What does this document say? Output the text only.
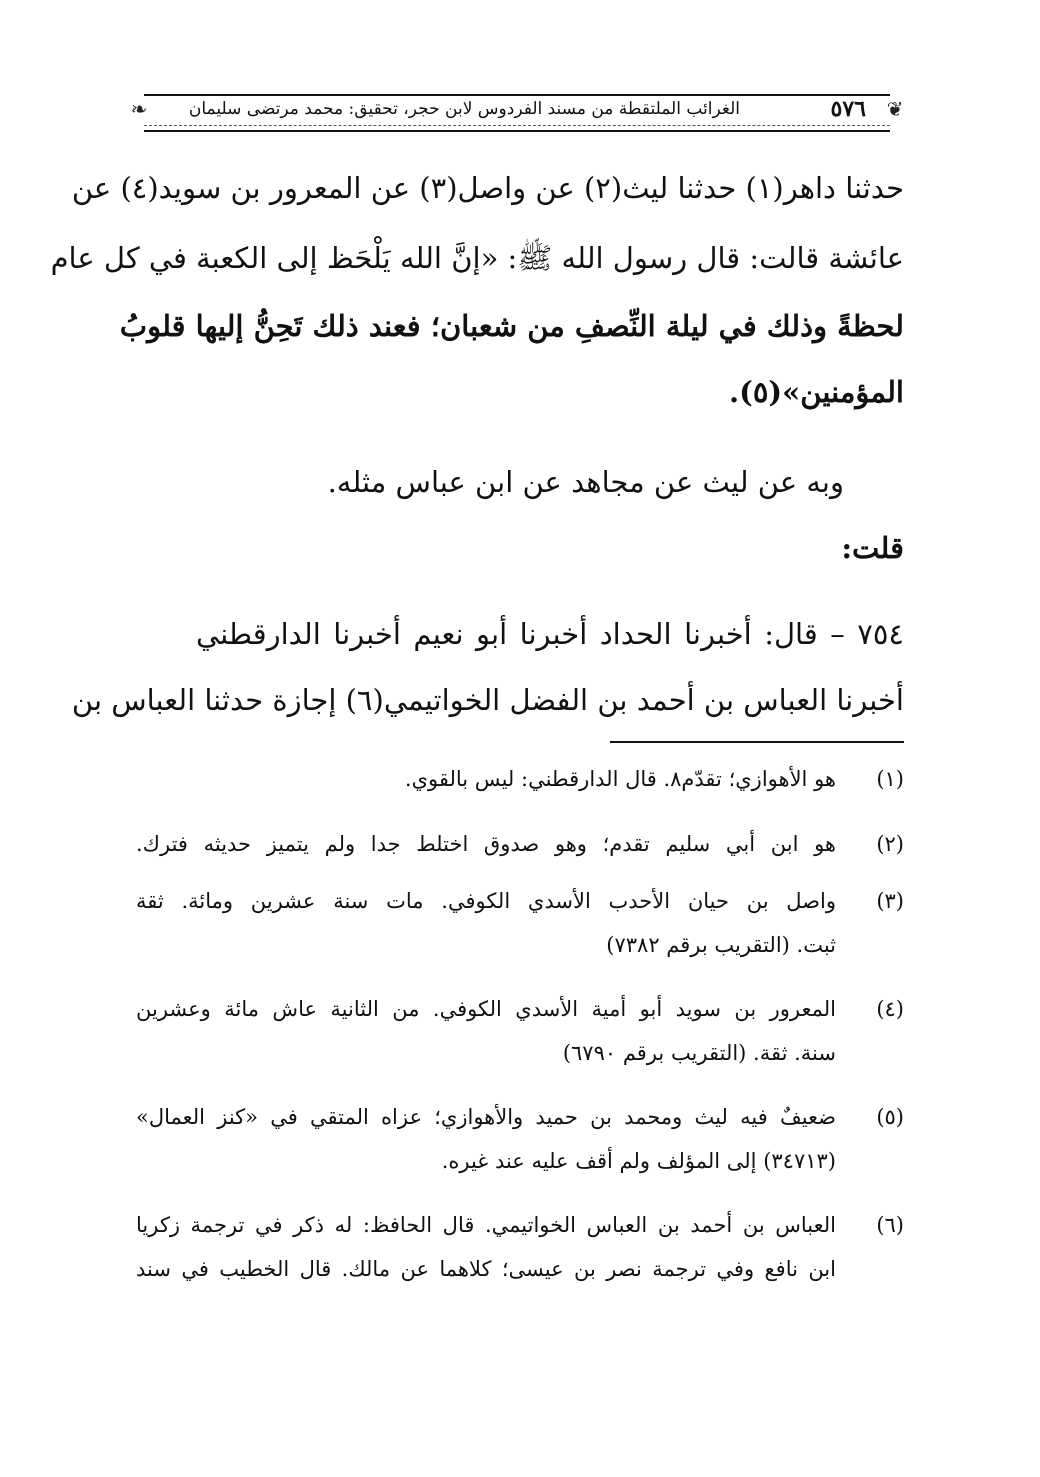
❦
❧	٥٧٦
الغرائب الملتقطة من مسند الفردوس لابن حجر، تحقيق: محمد مرتضى سليمان
حدثنا داهر(١) حدثنا ليث(٢) عن واصل(٣) عن المعرور بن سويد(٤) عن
عائشة قالت: قال رسول الله ﷺ: «إنَّ الله يَلْحَظ إلى الكعبة في كل عام
لحظةً وذلك في ليلة النِّصفِ من شعبان؛ فعند ذلك تَحِنُّ إليها قلوبُ
المؤمنين»(٥).
وبه عن ليث عن مجاهد عن ابن عباس مثله.
قلت:
٧٥٤ – قال: أخبرنا الحداد أخبرنا أبو نعيم أخبرنا الدارقطني
أخبرنا العباس بن أحمد بن الفضل الخواتيمي(٦) إجازة حدثنا العباس بن
(١)
هو الأهوازي؛ تقدّم٨. قال الدارقطني: ليس بالقوي.
(٢)
هو ابن أبي سليم تقدم؛ وهو صدوق اختلط جدا ولم يتميز حديثه فترك.
(٣)
واصل بن حيان الأحدب الأسدي الكوفي. مات سنة عشرين ومائة. ثقة
ثبت. (التقريب برقم ٧٣٨٢)
(٤)
المعرور بن سويد أبو أمية الأسدي الكوفي. من الثانية عاش مائة وعشرين
سنة. ثقة. (التقريب برقم ٦٧٩٠)
(٥)
ضعيفٌ فيه ليث ومحمد بن حميد والأهوازي؛ عزاه المتقي في «كنز العمال»
(٣٤٧١٣) إلى المؤلف ولم أقف عليه عند غيره.
(٦)
العباس بن أحمد بن العباس الخواتيمي. قال الحافظ: له ذكر في ترجمة زكريا
ابن نافع وفي ترجمة نصر بن عيسى؛ كلاهما عن مالك. قال الخطيب في سند
